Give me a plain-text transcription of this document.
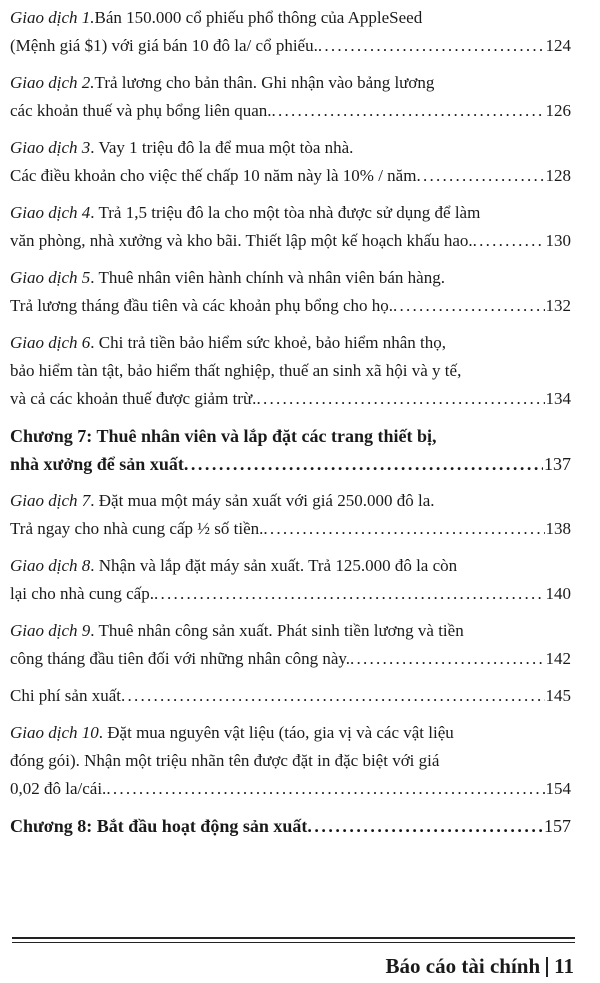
Giao dịch 1.Bán 150.000 cổ phiếu phổ thông của AppleSeed
(Mệnh giá $1) với giá bán 10 đô la/ cổ phiếu. . . .	124
Giao dịch 2.Trả lương cho bản thân. Ghi nhận vào bảng lương
các khoản thuế và phụ bổng liên quan. . . .	126
Giao dịch 3. Vay 1 triệu đô la để mua một tòa nhà.
Các điều khoản cho việc thế chấp 10 năm này là 10% / năm . . .	128
Giao dịch 4. Trả 1,5 triệu đô la cho một tòa nhà được sử dụng để làm
văn phòng, nhà xưởng và kho bãi. Thiết lập một kế hoạch khấu hao. . . .	130
Giao dịch 5. Thuê nhân viên hành chính và nhân viên bán hàng.
Trả lương tháng đầu tiên và các khoản phụ bổng cho họ. . . .	132
Giao dịch 6. Chi trả tiền bảo hiểm sức khoẻ, bảo hiểm nhân thọ,
bảo hiểm tàn tật, bảo hiểm thất nghiệp, thuế an sinh xã hội và y tế,
và cả các khoản thuế được giảm trừ. . . .	134
Chương 7: Thuê nhân viên và lắp đặt các trang thiết bị,
nhà xưởng để sản xuất . . .	137
Giao dịch 7. Đặt mua một máy sản xuất với giá 250.000 đô la.
Trả ngay cho nhà cung cấp ½ số tiền. . . .	138
Giao dịch 8. Nhận và lắp đặt máy sản xuất. Trả 125.000 đô la còn
lại cho nhà cung cấp. . . .	140
Giao dịch 9. Thuê nhân công sản xuất. Phát sinh tiền lương và tiền
công tháng đầu tiên đối với những nhân công này. . . .	142
Chi phí sản xuất . . .	145
Giao dịch 10. Đặt mua nguyên vật liệu (táo, gia vị và các vật liệu
đóng gói). Nhận một triệu nhãn tên được đặt in đặc biệt với giá
0,02 đô la/cái. . . .	154
Chương 8: Bắt đầu hoạt động sản xuất . . .	157
Báo cáo tài chính 11
